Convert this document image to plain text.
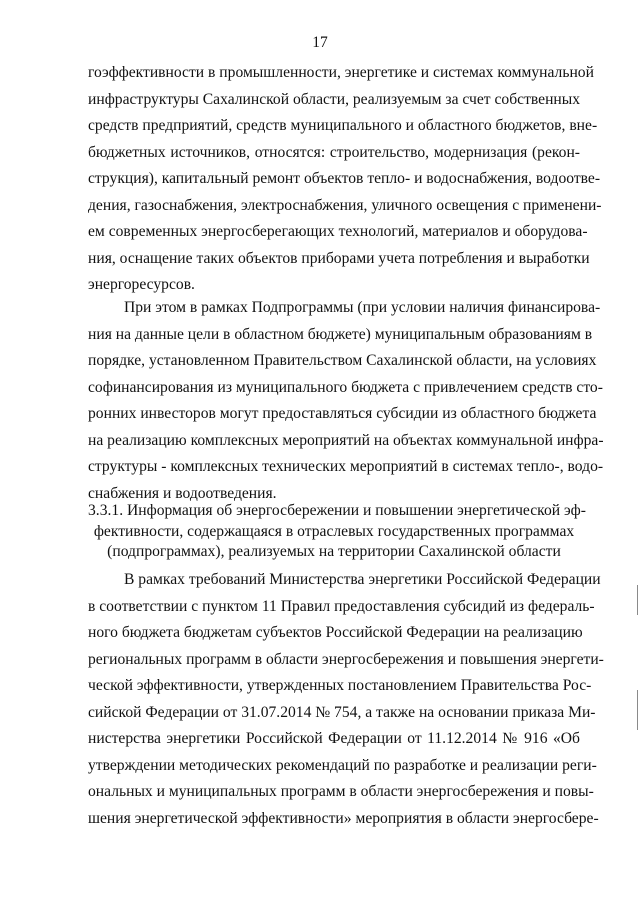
17
гоэффективности в промышленности, энергетике и системах коммунальной
инфраструктуры Сахалинской области, реализуемым за счет собственных
средств предприятий, средств муниципального и областного бюджетов, вне-
бюджетных источников, относятся: строительство, модернизация (рекон-
струкция), капитальный ремонт объектов тепло- и водоснабжения, водоотве-
дения, газоснабжения, электроснабжения, уличного освещения с применени-
ем современных энергосберегающих технологий, материалов и оборудова-
ния, оснащение таких объектов приборами учета потребления и выработки
энергоресурсов.
При этом в рамках Подпрограммы (при условии наличия финансирова-
ния на данные цели в областном бюджете) муниципальным образованиям в
порядке, установленном Правительством Сахалинской области, на условиях
софинансирования из муниципального бюджета с привлечением средств сто-
ронних инвесторов могут предоставляться субсидии из областного бюджета
на реализацию комплексных мероприятий на объектах коммунальной инфра-
структуры - комплексных технических мероприятий в системах тепло-, водо-
снабжения и водоотведения.
3.3.1. Информация об энергосбережении и повышении энергетической эф-
фективности, содержащаяся в отраслевых государственных программах
(подпрограммах), реализуемых на территории Сахалинской области
В рамках требований Министерства энергетики Российской Федерации
в соответствии с пунктом 11 Правил предоставления субсидий из федераль-
ного бюджета бюджетам субъектов Российской Федерации на реализацию
региональных программ в области энергосбережения и повышения энергети-
ческой эффективности, утвержденных постановлением Правительства Рос-
сийской Федерации от 31.07.2014 № 754, а также на основании приказа Ми-
нистерства энергетики Российской Федерации от 11.12.2014 № 916 «Об
утверждении методических рекомендаций по разработке и реализации реги-
ональных и муниципальных программ в области энергосбережения и повы-
шения энергетической эффективности» мероприятия в области энергосбере-
